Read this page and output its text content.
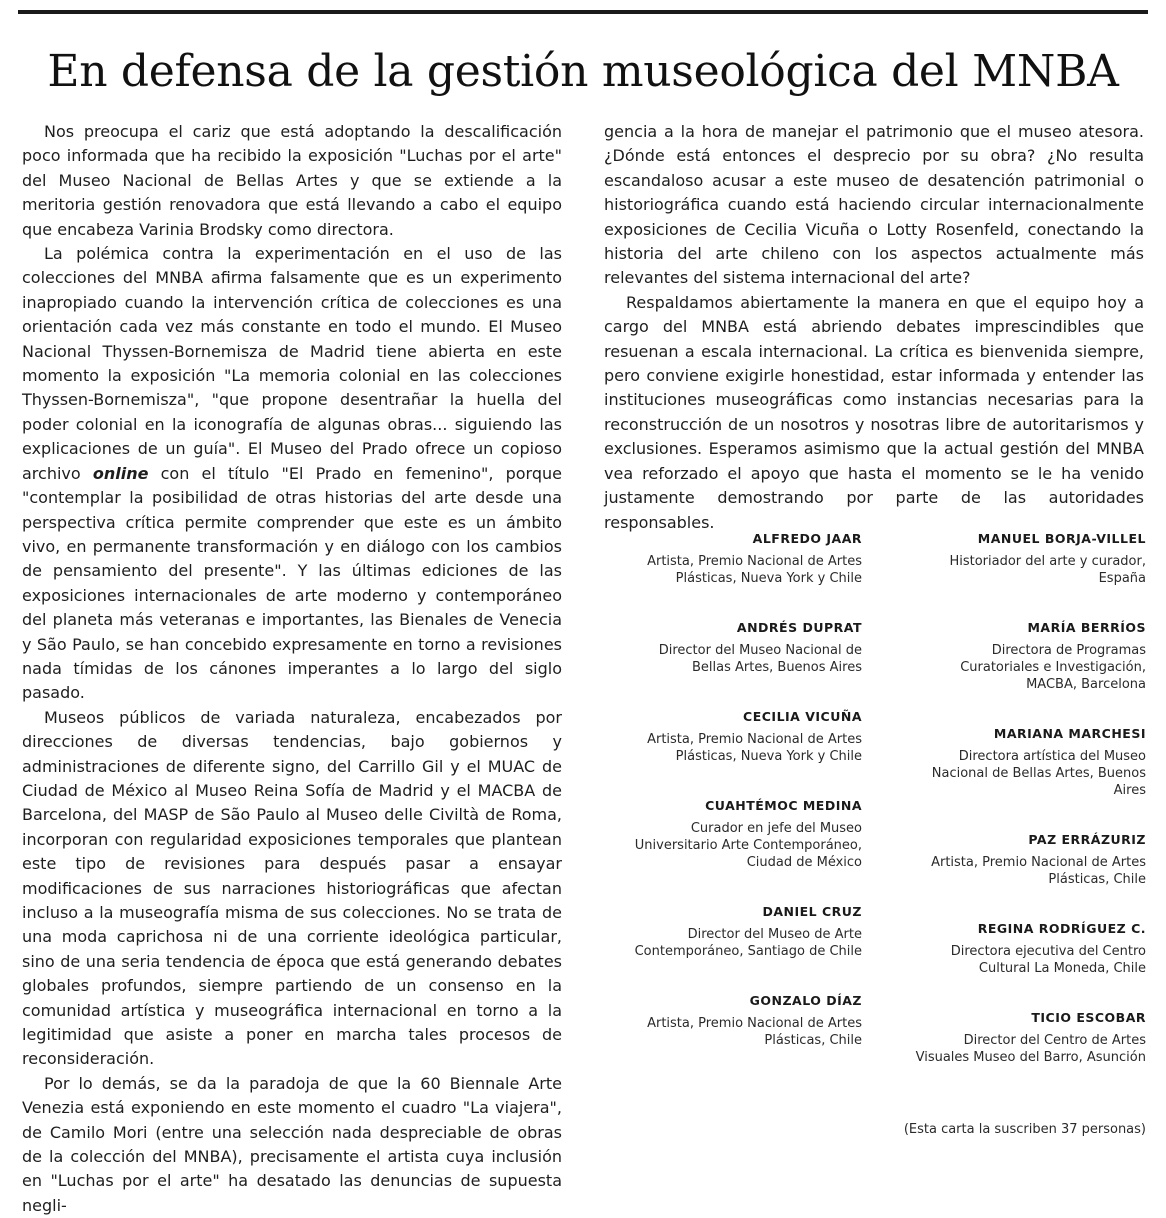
En defensa de la gestión museológica del MNBA

Nos preocupa el cariz que está adoptando la descalificación poco informada que ha recibido la exposición "Luchas por el arte" del Museo Nacional de Bellas Artes y que se extiende a la meritoria gestión renovadora que está llevando a cabo el equipo que encabeza Varinia Brodsky como directora.

La polémica contra la experimentación en el uso de las colecciones del MNBA afirma falsamente que es un experimento inapropiado cuando la intervención crítica de colecciones es una orientación cada vez más constante en todo el mundo. El Museo Nacional Thyssen-Bornemisza de Madrid tiene abierta en este momento la exposición "La memoria colonial en las colecciones Thyssen-Bornemisza", "que propone desentrañar la huella del poder colonial en la iconografía de algunas obras... siguiendo las explicaciones de un guía". El Museo del Prado ofrece un copioso archivo online con el título "El Prado en femenino", porque "contemplar la posibilidad de otras historias del arte desde una perspectiva crítica permite comprender que este es un ámbito vivo, en permanente transformación y en diálogo con los cambios de pensamiento del presente". Y las últimas ediciones de las exposiciones internacionales de arte moderno y contemporáneo del planeta más veteranas e importantes, las Bienales de Venecia y São Paulo, se han concebido expresamente en torno a revisiones nada tímidas de los cánones imperantes a lo largo del siglo pasado.

Museos públicos de variada naturaleza, encabezados por direcciones de diversas tendencias, bajo gobiernos y administraciones de diferente signo, del Carrillo Gil y el MUAC de Ciudad de México al Museo Reina Sofía de Madrid y el MACBA de Barcelona, del MASP de São Paulo al Museo delle Civiltà de Roma, incorporan con regularidad exposiciones temporales que plantean este tipo de revisiones para después pasar a ensayar modificaciones de sus narraciones historiográficas que afectan incluso a la museografía misma de sus colecciones. No se trata de una moda caprichosa ni de una corriente ideológica particular, sino de una seria tendencia de época que está generando debates globales profundos, siempre partiendo de un consenso en la comunidad artística y museográfica internacional en torno a la legitimidad que asiste a poner en marcha tales procesos de reconsideración.

Por lo demás, se da la paradoja de que la 60 Biennale Arte Venezia está exponiendo en este momento el cuadro "La viajera", de Camilo Mori (entre una selección nada despreciable de obras de la colección del MNBA), precisamente el artista cuya inclusión en "Luchas por el arte" ha desatado las denuncias de supuesta negli-

gencia a la hora de manejar el patrimonio que el museo atesora. ¿Dónde está entonces el desprecio por su obra? ¿No resulta escandaloso acusar a este museo de desatención patrimonial o historiográfica cuando está haciendo circular internacionalmente exposiciones de Cecilia Vicuña o Lotty Rosenfeld, conectando la historia del arte chileno con los aspectos actualmente más relevantes del sistema internacional del arte?

Respaldamos abiertamente la manera en que el equipo hoy a cargo del MNBA está abriendo debates imprescindibles que resuenan a escala internacional. La crítica es bienvenida siempre, pero conviene exigirle honestidad, estar informada y entender las instituciones museográficas como instancias necesarias para la reconstrucción de un nosotros y nosotras libre de autoritarismos y exclusiones. Esperamos asimismo que la actual gestión del MNBA vea reforzado el apoyo que hasta el momento se le ha venido justamente demostrando por parte de las autoridades responsables.

ALFREDO JAAR
Artista, Premio Nacional de Artes Plásticas, Nueva York y Chile
ANDRÉS DUPRAT
Director del Museo Nacional de Bellas Artes, Buenos Aires
CECILIA VICUÑA
Artista, Premio Nacional de Artes Plásticas, Nueva York y Chile
CUAHTÉMOC MEDINA
Curador en jefe del Museo Universitario Arte Contemporáneo, Ciudad de México
DANIEL CRUZ
Director del Museo de Arte Contemporáneo, Santiago de Chile
GONZALO DÍAZ
Artista, Premio Nacional de Artes Plásticas, Chile
MANUEL BORJA-VILLEL
Historiador del arte y curador, España
MARÍA BERRÍOS
Directora de Programas Curatoriales e Investigación, MACBA, Barcelona
MARIANA MARCHESI
Directora artística del Museo Nacional de Bellas Artes, Buenos Aires
PAZ ERRÁZURIZ
Artista, Premio Nacional de Artes Plásticas, Chile
REGINA RODRÍGUEZ C.
Directora ejecutiva del Centro Cultural La Moneda, Chile
TICIO ESCOBAR
Director del Centro de Artes Visuales Museo del Barro, Asunción
(Esta carta la suscriben 37 personas)
